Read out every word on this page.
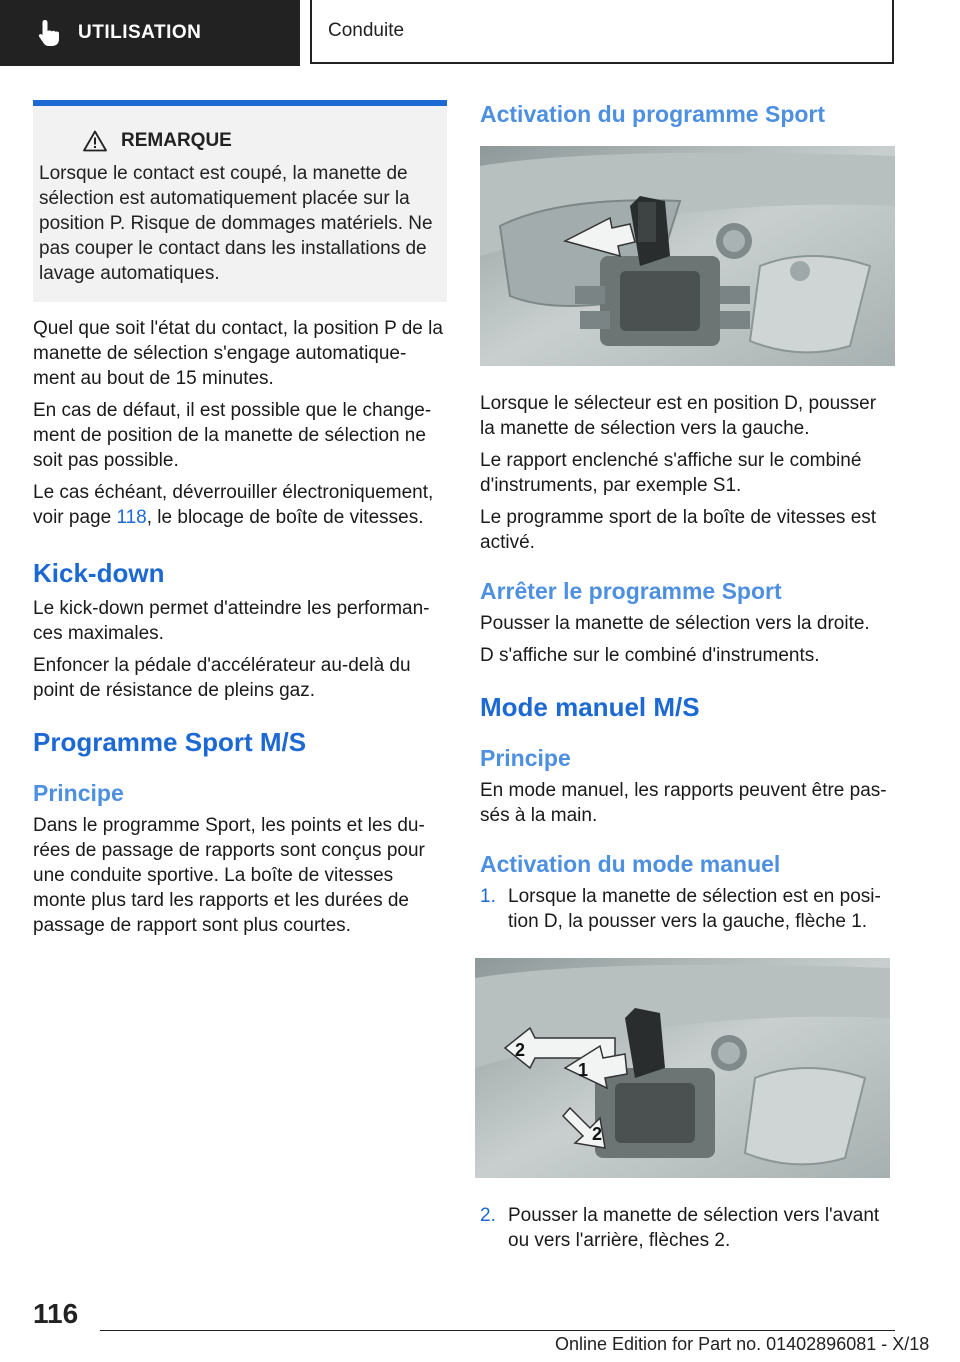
UTILISATION	Conduite
REMARQUE
Lorsque le contact est coupé, la manette de sélection est automatiquement placée sur la position P. Risque de dommages matériels. Ne pas couper le contact dans les installations de lavage automatiques.

Quel que soit l'état du contact, la position P de la manette de sélection s'engage automatique-ment au bout de 15 minutes.

En cas de défaut, il est possible que le change-ment de position de la manette de sélection ne soit pas possible.

Le cas échéant, déverrouiller électroniquement, voir page 118, le blocage de boîte de vitesses.

Kick-down

Le kick-down permet d'atteindre les performan-ces maximales.

Enfoncer la pédale d'accélérateur au-delà du point de résistance de pleins gaz.

Programme Sport M/S
Principe

Dans le programme Sport, les points et les du-rées de passage de rapports sont conçus pour une conduite sportive. La boîte de vitesses monte plus tard les rapports et les durées de passage de rapport sont plus courtes.

Activation du programme Sport

Lorsque le sélecteur est en position D, pousser la manette de sélection vers la gauche.

Le rapport enclenché s'affiche sur le combiné d'instruments, par exemple S1.

Le programme sport de la boîte de vitesses est activé.

Arrêter le programme Sport

Pousser la manette de sélection vers la droite.

D s'affiche sur le combiné d'instruments.

Mode manuel M/S
Principe

En mode manuel, les rapports peuvent être pas-sés à la main.

Activation du mode manuel
1. Lorsque la manette de sélection est en posi-tion D, la pousser vers la gauche, flèche 1.
1
2
2
2. Pousser la manette de sélection vers l'avant ou vers l'arrière, flèches 2.
116
Online Edition for Part no. 01402896081 - X/18
